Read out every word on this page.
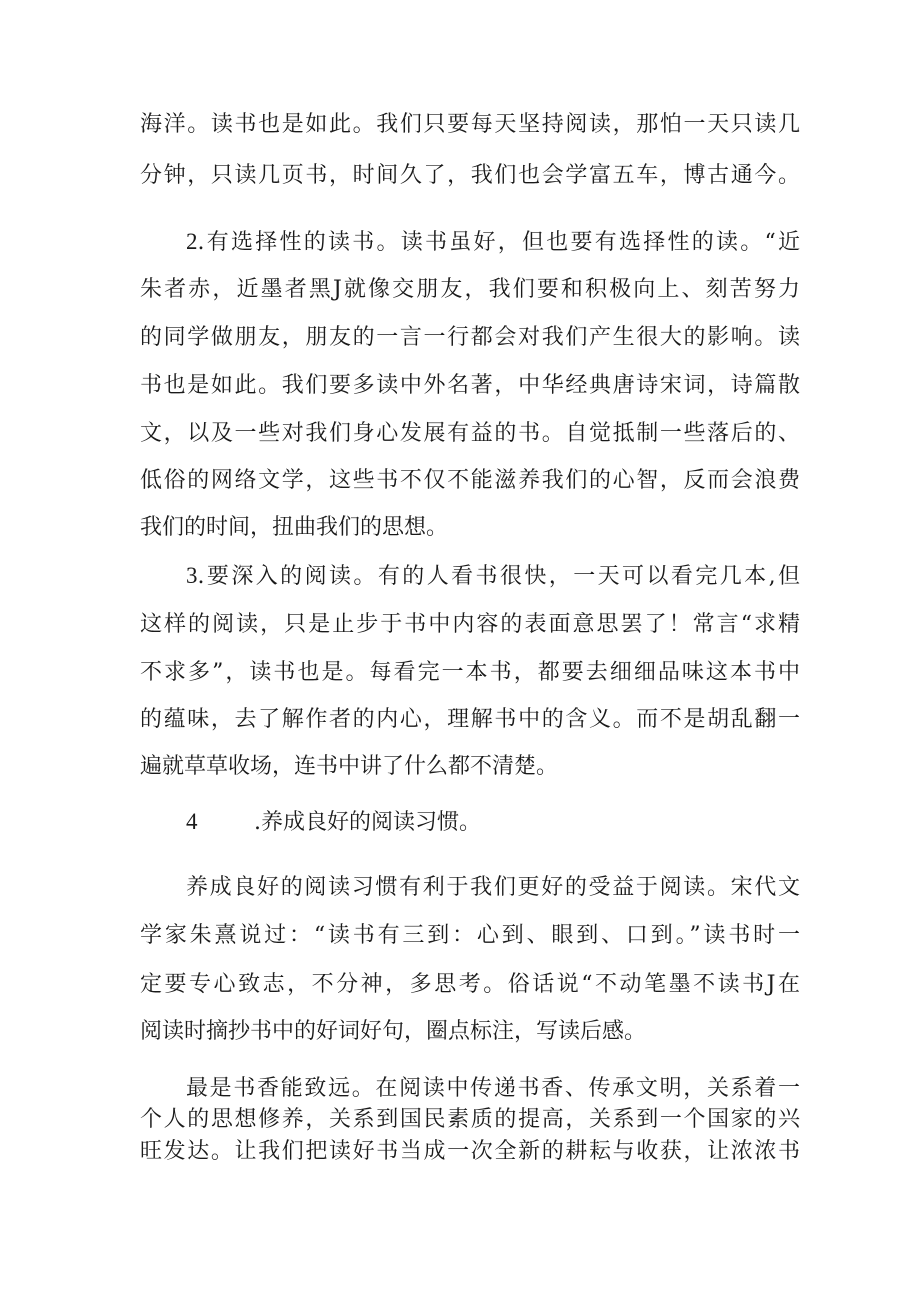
海洋。读书也是如此。我们只要每天坚持阅读，那怕一天只读几
分钟，只读几页书，时间久了，我们也会学富五车，博古通今。
2.有选择性的读书。读书虽好，但也要有选择性的读。“近
朱者赤，近墨者黑J就像交朋友，我们要和积极向上、刻苦努力
的同学做朋友，朋友的一言一行都会对我们产生很大的影响。读
书也是如此。我们要多读中外名著，中华经典唐诗宋词，诗篇散
文，以及一些对我们身心发展有益的书。自觉抵制一些落后的、
低俗的网络文学，这些书不仅不能滋养我们的心智，反而会浪费
我们的时间，扭曲我们的思想。
3.要深入的阅读。有的人看书很快，一天可以看完几本,但
这样的阅读，只是止步于书中内容的表面意思罢了！常言“求精
不求多”，读书也是。每看完一本书，都要去细细品味这本书中
的蕴味，去了解作者的内心，理解书中的含义。而不是胡乱翻一
遍就草草收场，连书中讲了什么都不清楚。
4	.养成良好的阅读习惯。
养成良好的阅读习惯有利于我们更好的受益于阅读。宋代文
学家朱熹说过：“读书有三到：心到、眼到、口到。”读书时一
定要专心致志，不分神，多思考。俗话说“不动笔墨不读书J在
阅读时摘抄书中的好词好句，圈点标注，写读后感。
最是书香能致远。在阅读中传递书香、传承文明，关系着一
个人的思想修养，关系到国民素质的提高，关系到一个国家的兴
旺发达。让我们把读好书当成一次全新的耕耘与收获，让浓浓书
